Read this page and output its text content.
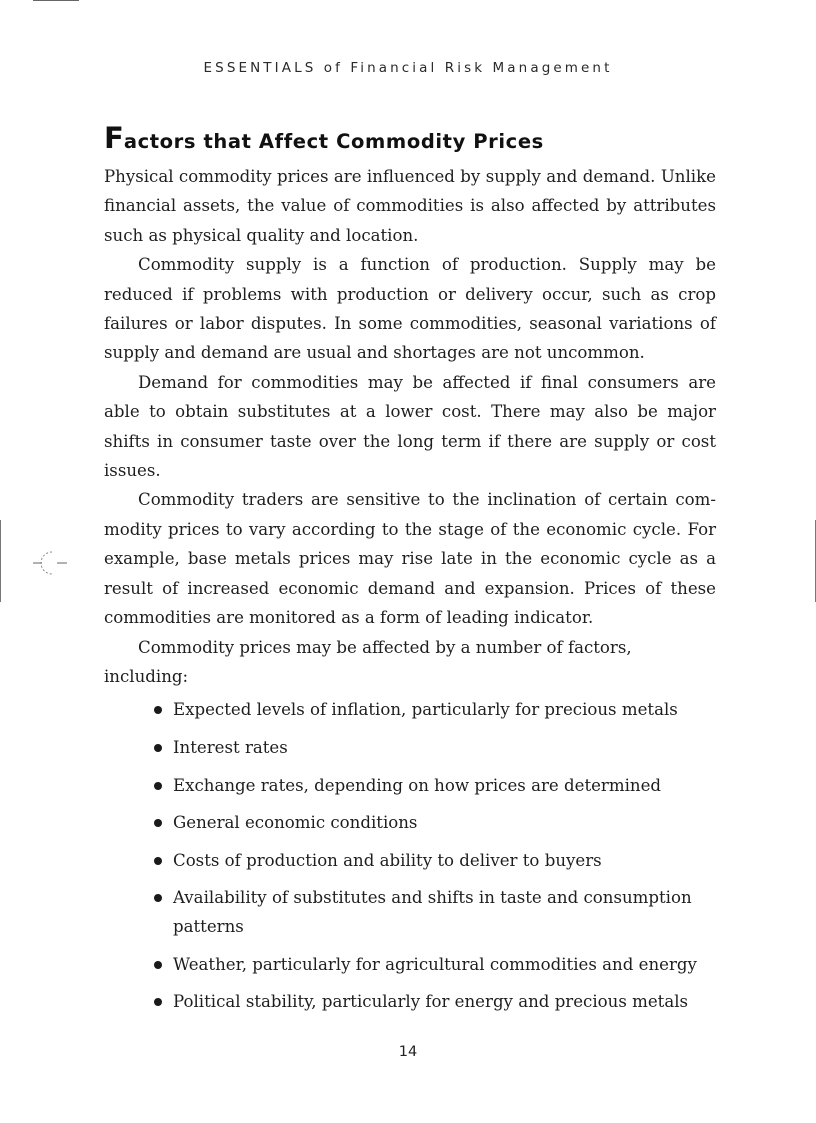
ESSENTIALS of Financial Risk Management
Factors that Affect Commodity Prices

Physical commodity prices are influenced by supply and demand. Unlike financial assets, the value of commodities is also affected by attributes such as physical quality and location.

Commodity supply is a function of production. Supply may be reduced if problems with production or delivery occur, such as crop failures or labor disputes. In some commodities, seasonal variations of supply and demand are usual and shortages are not uncommon.

Demand for commodities may be affected if final consumers are able to obtain substitutes at a lower cost. There may also be major shifts in consumer taste over the long term if there are supply or cost issues.

Commodity traders are sensitive to the inclination of certain commodity prices to vary according to the stage of the economic cycle. For example, base metals prices may rise late in the economic cycle as a result of increased economic demand and expansion. Prices of these commodities are monitored as a form of leading indicator.

Commodity prices may be affected by a number of factors, including:

Expected levels of inflation, particularly for precious metals
Interest rates
Exchange rates, depending on how prices are determined
General economic conditions
Costs of production and ability to deliver to buyers
Availability of substitutes and shifts in taste and consumption patterns
Weather, particularly for agricultural commodities and energy
Political stability, particularly for energy and precious metals
14
